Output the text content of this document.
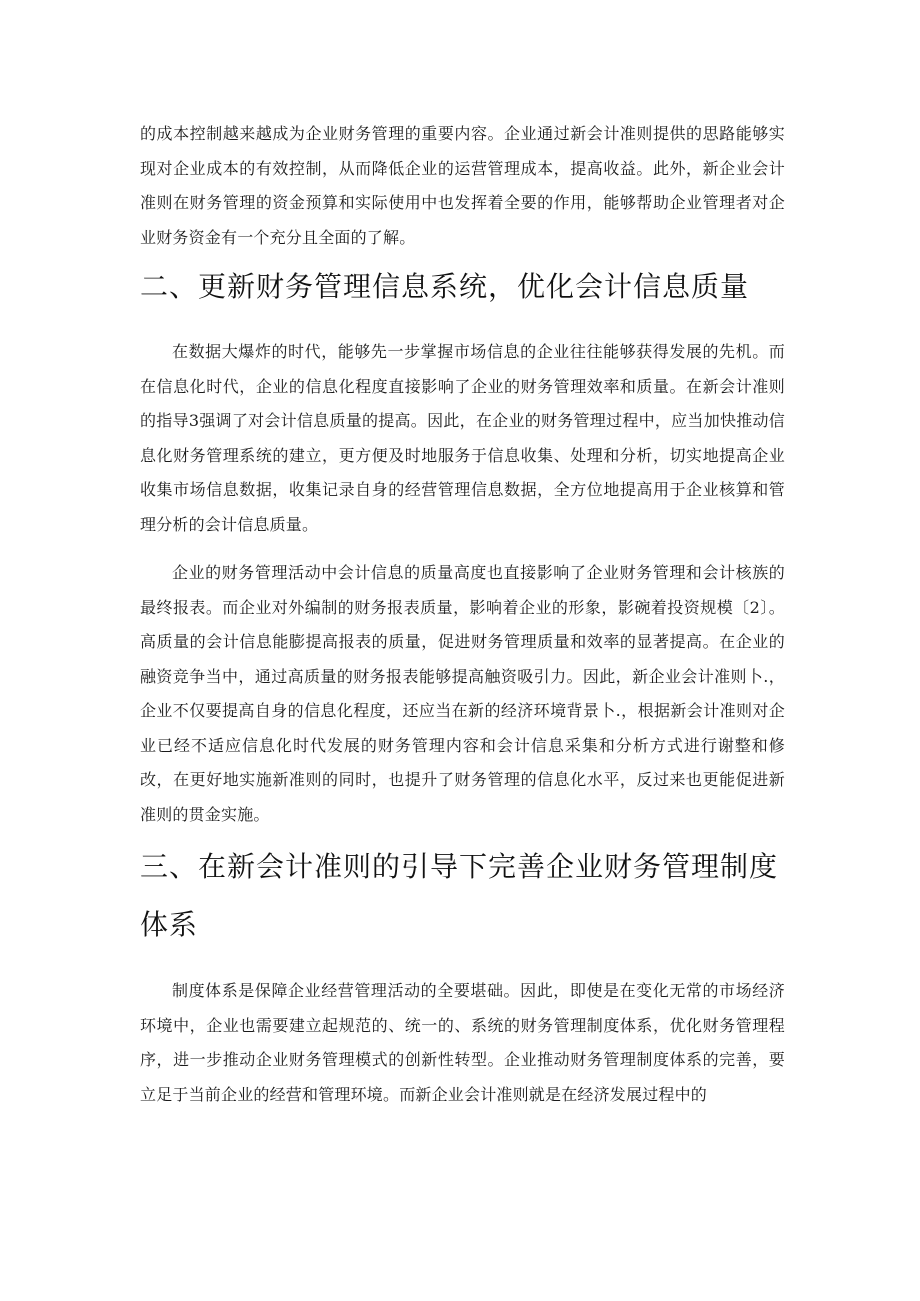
的成本控制越来越成为企业财务管理的重要内容。企业通过新会计准则提供的思路能够实现对企业成本的有效控制，从而降低企业的运营管理成本，提高收益。此外，新企业会计准则在财务管理的资金预算和实际使用中也发挥着全要的作用，能够帮助企业管理者对企业财务资金有一个充分且全面的了解。

二、更新财务管理信息系统，优化会计信息质量

在数据大爆炸的时代，能够先一步掌握市场信息的企业往往能够获得发展的先机。而在信息化时代，企业的信息化程度直接影响了企业的财务管理效率和质量。在新会计准则的指导3强调了对会计信息质量的提高。因此，在企业的财务管理过程中，应当加快推动信息化财务管理系统的建立，更方便及时地服务于信息收集、处理和分析，切实地提高企业收集市场信息数据，收集记录自身的经营管理信息数据，全方位地提高用于企业核算和管理分析的会计信息质量。

企业的财务管理活动中会计信息的质量高度也直接影响了企业财务管理和会计核族的最终报表。而企业对外编制的财务报表质量，影响着企业的形象，影碗着投资规模〔2〕。高质量的会计信息能膨提高报表的质量，促进财务管理质量和效率的显著提高。在企业的融资竞争当中，通过高质量的财务报表能够提高触资吸引力。因此，新企业会计准则卜.，企业不仅要提高自身的信息化程度，还应当在新的经济环境背景卜.，根据新会计准则对企业已经不适应信息化时代发展的财务管理内容和会计信息采集和分析方式进行谢整和修改，在更好地实施新准则的同时，也提升了财务管理的信息化水平，反过来也更能促进新准则的贯金实施。

三、在新会计准则的引导下完善企业财务管理制度体系

制度体系是保障企业经营管理活动的全要堪础。因此，即使是在变化无常的市场经济环境中，企业也需要建立起规范的、统一的、系统的财务管理制度体系，优化财务管理程序，进一步推动企业财务管理模式的创新性转型。企业推动财务管理制度体系的完善，要立足于当前企业的经营和管理环境。而新企业会计准则就是在经济发展过程中的
